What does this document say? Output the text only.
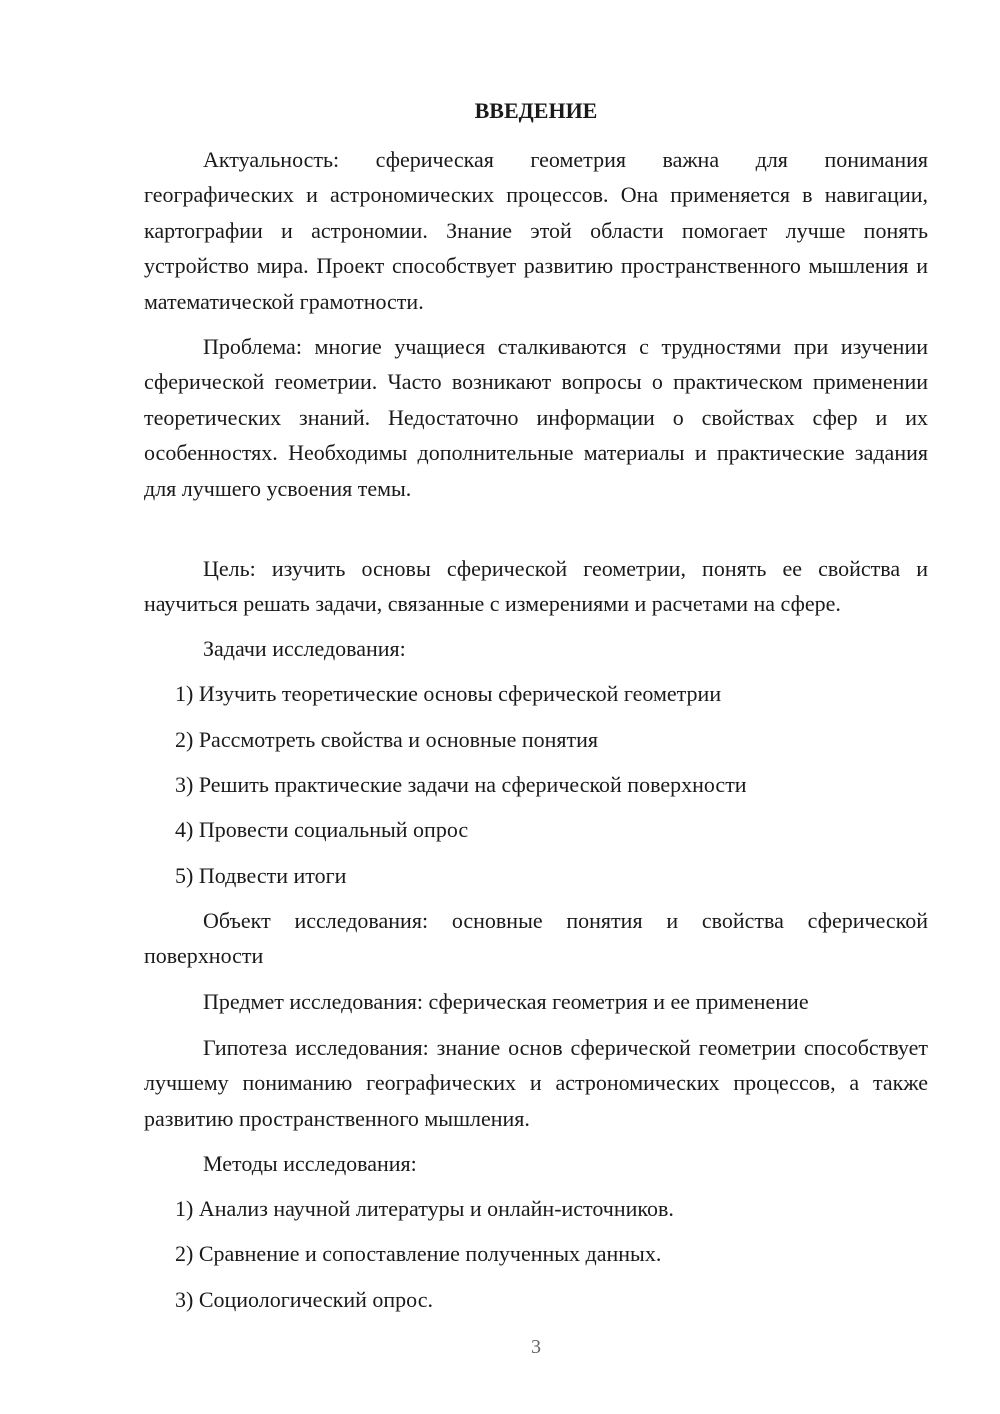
ВВЕДЕНИЕ

Актуальность: сферическая геометрия важна для понимания географических и астрономических процессов. Она применяется в навигации, картографии и астрономии. Знание этой области помогает лучше понять устройство мира. Проект способствует развитию пространственного мышления и математической грамотности.

Проблема: многие учащиеся сталкиваются с трудностями при изучении сферической геометрии. Часто возникают вопросы о практическом применении теоретических знаний. Недостаточно информации о свойствах сфер и их особенностях. Необходимы дополнительные материалы и практические задания для лучшего усвоения темы.

Цель: изучить основы сферической геометрии, понять ее свойства и научиться решать задачи, связанные с измерениями и расчетами на сфере.

Задачи исследования:

1) Изучить теоретические основы сферической геометрии

2) Рассмотреть свойства и основные понятия

3) Решить практические задачи на сферической поверхности

4) Провести социальный опрос

5) Подвести итоги

Объект исследования: основные понятия и свойства сферической поверхности

Предмет исследования: сферическая геометрия и ее применение

Гипотеза исследования: знание основ сферической геометрии способствует лучшему пониманию географических и астрономических процессов, а также развитию пространственного мышления.

Методы исследования:

1) Анализ научной литературы и онлайн-источников.

2) Сравнение и сопоставление полученных данных.

3) Социологический опрос.

3
